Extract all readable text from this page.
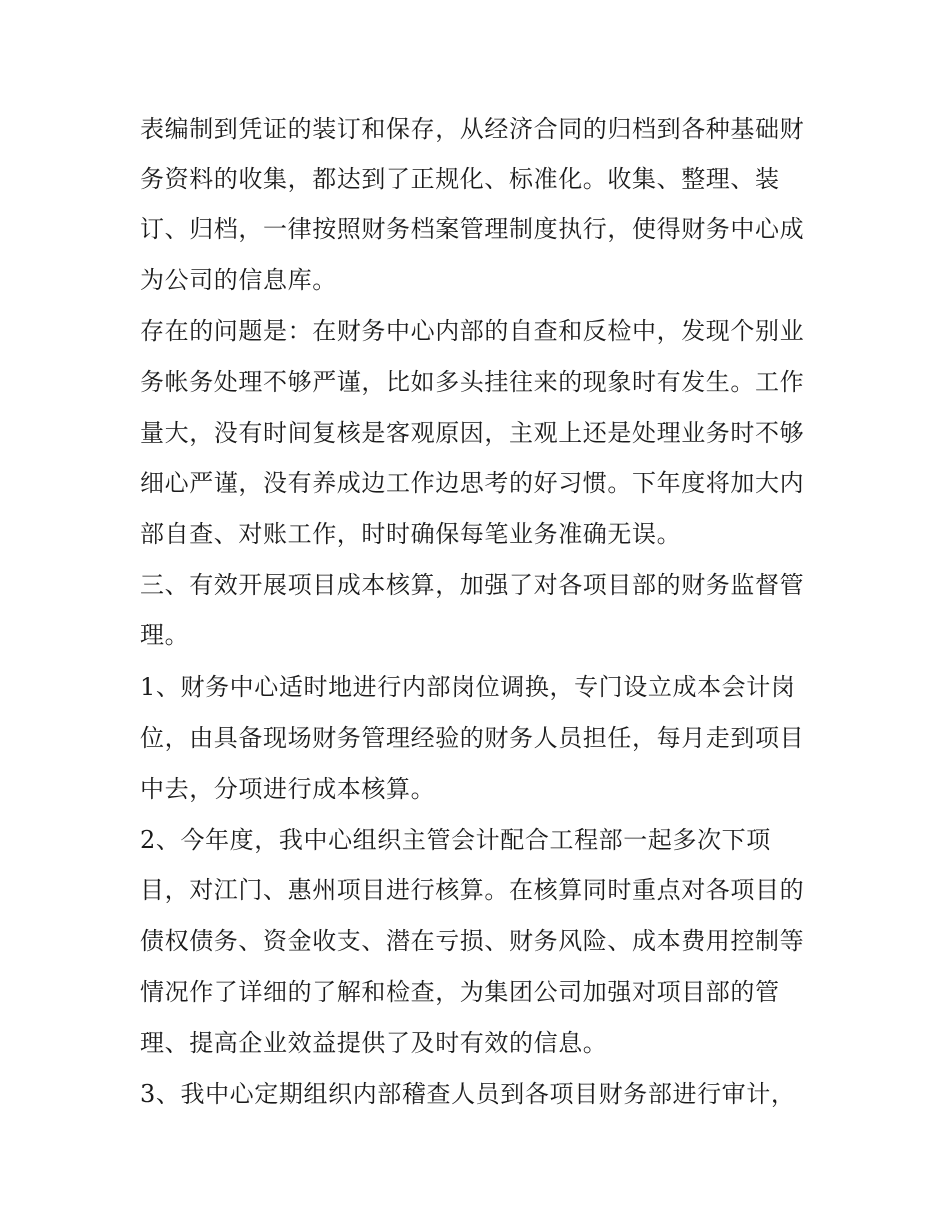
表编制到凭证的装订和保存，从经济合同的归档到各种基础财

务资料的收集，都达到了正规化、标准化。收集、整理、装

订、归档，一律按照财务档案管理制度执行，使得财务中心成

为公司的信息库。

存在的问题是：在财务中心内部的自查和反检中，发现个别业

务帐务处理不够严谨，比如多头挂往来的现象时有发生。工作

量大，没有时间复核是客观原因，主观上还是处理业务时不够

细心严谨，没有养成边工作边思考的好习惯。下年度将加大内

部自查、对账工作，时时确保每笔业务准确无误。

三、有效开展项目成本核算，加强了对各项目部的财务监督管

理。

1、财务中心适时地进行内部岗位调换，专门设立成本会计岗

位，由具备现场财务管理经验的财务人员担任，每月走到项目

中去，分项进行成本核算。

2、今年度，我中心组织主管会计配合工程部一起多次下项

目，对江门、惠州项目进行核算。在核算同时重点对各项目的

债权债务、资金收支、潜在亏损、财务风险、成本费用控制等

情况作了详细的了解和检查，为集团公司加强对项目部的管

理、提高企业效益提供了及时有效的信息。

3、我中心定期组织内部稽查人员到各项目财务部进行审计，
